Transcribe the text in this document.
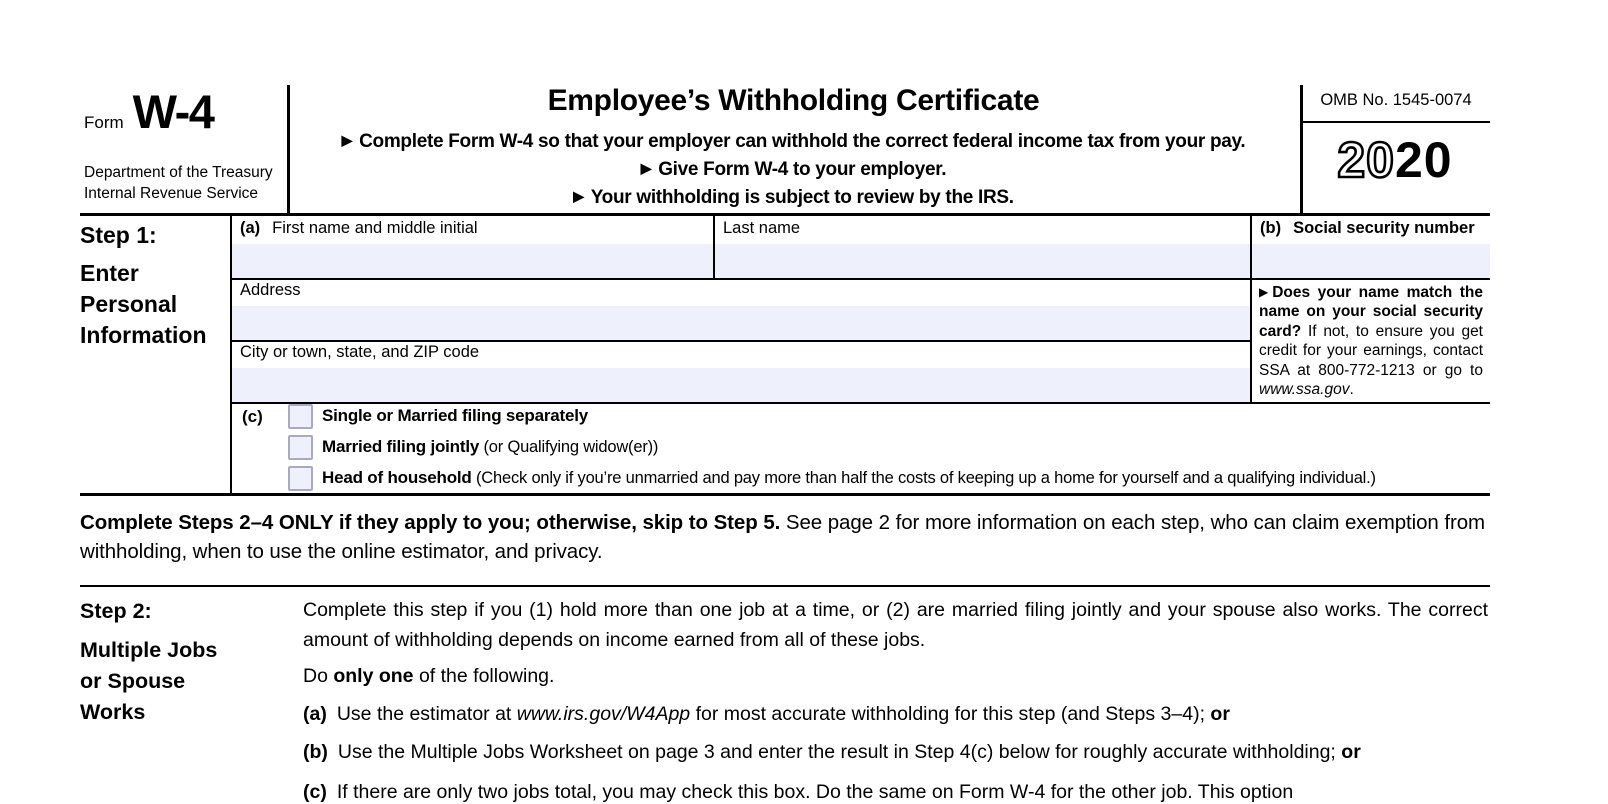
Form W-4
Department of the Treasury
Internal Revenue Service
Employee’s Withholding Certificate
▶ Complete Form W-4 so that your employer can withhold the correct federal income tax from your pay.
▶ Give Form W-4 to your employer.
▶ Your withholding is subject to review by the IRS.
OMB No. 1545-0074
2020
Step 1:
Enter
Personal
Information
(a) First name and middle initial	Last name	(b) Social security number
Address
City or town, state, and ZIP code
▶ Does your name match the name on your social security card? If not, to ensure you get credit for your earnings, contact SSA at 800-772-1213 or go to www.ssa.gov.
(c)	Single or Married filing separately
Married filing jointly (or Qualifying widow(er))
Head of household (Check only if you’re unmarried and pay more than half the costs of keeping up a home for yourself and a qualifying individual.)
Complete Steps 2–4 ONLY if they apply to you; otherwise, skip to Step 5. See page 2 for more information on each step, who can claim exemption from withholding, when to use the online estimator, and privacy.
Step 2:
Multiple Jobs
or Spouse
Works
Complete this step if you (1) hold more than one job at a time, or (2) are married filing jointly and your spouse also works. The correct amount of withholding depends on income earned from all of these jobs.
Do only one of the following.
(a) Use the estimator at www.irs.gov/W4App for most accurate withholding for this step (and Steps 3–4); or
(b) Use the Multiple Jobs Worksheet on page 3 and enter the result in Step 4(c) below for roughly accurate withholding; or
(c) If there are only two jobs total, you may check this box. Do the same on Form W-4 for the other job. This option
